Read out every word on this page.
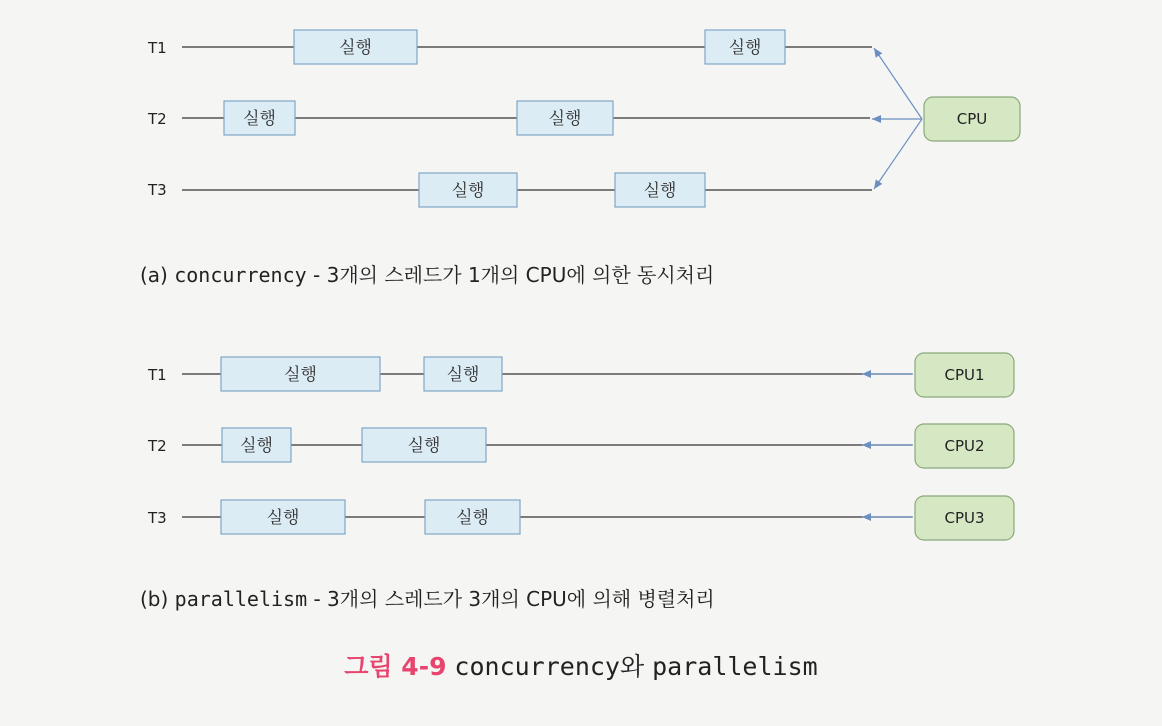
T1	실행	실행
T2	실행	실행
T3	실행	실행
CPU
T1	실행	실행
T2	실행	실행
T3	실행	실행
CPU1
CPU2
CPU3
(a) concurrency - 3개의 스레드가 1개의 CPU에 의한 동시처리
(b) parallelism - 3개의 스레드가 3개의 CPU에 의해 병렬처리
그림 4-9 concurrency와 parallelism
